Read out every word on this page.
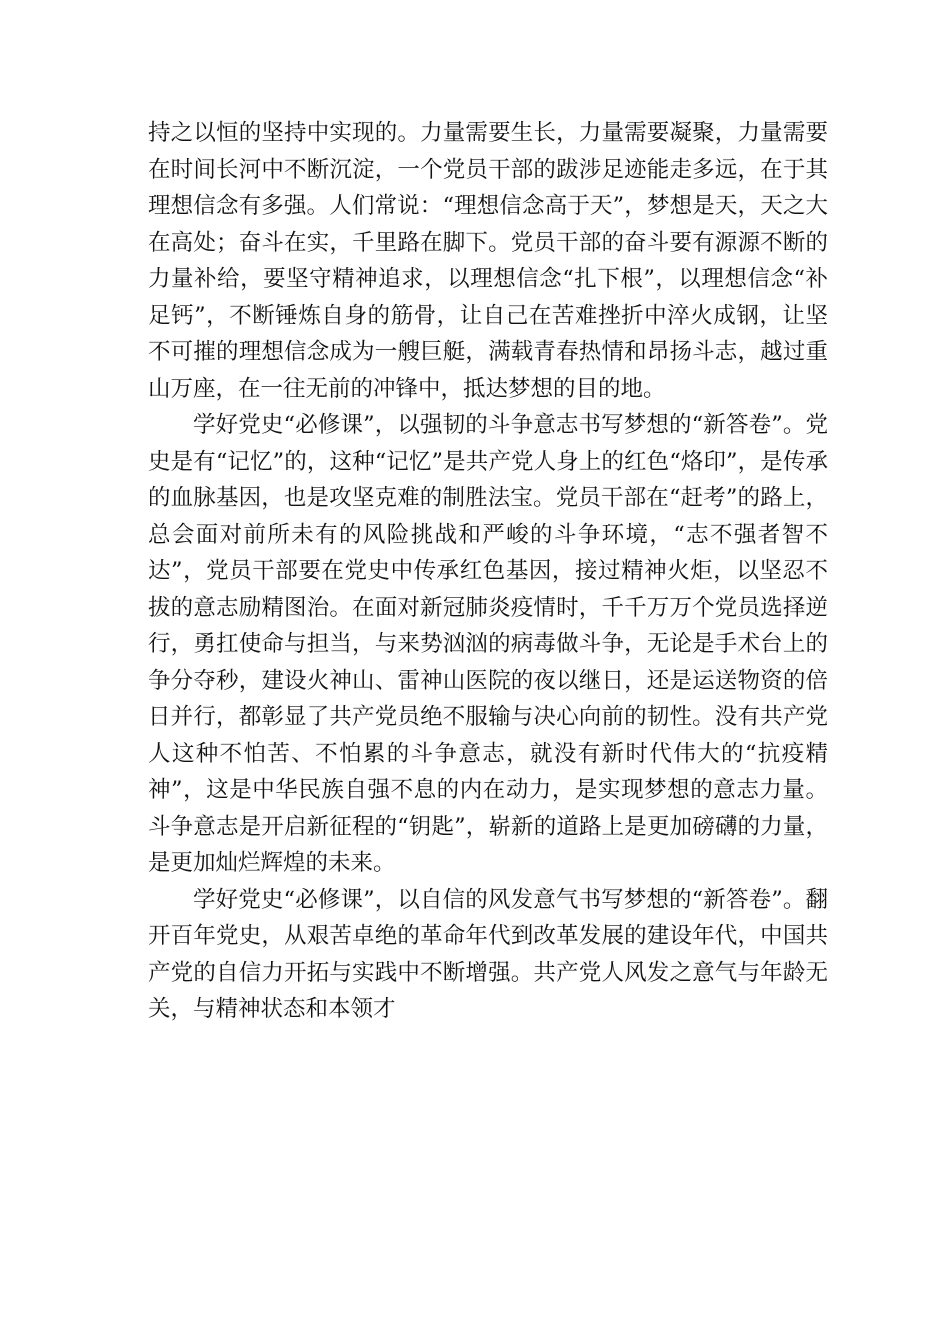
持之以恒的坚持中实现的。力量需要生长，力量需要凝聚，力量需要在时间长河中不断沉淀，一个党员干部的跋涉足迹能走多远，在于其理想信念有多强。人们常说：“理想信念高于天”，梦想是天，天之大在高处；奋斗在实，千里路在脚下。党员干部的奋斗要有源源不断的力量补给，要坚守精神追求，以理想信念“扎下根”，以理想信念“补足钙”，不断锤炼自身的筋骨，让自己在苦难挫折中淬火成钢，让坚不可摧的理想信念成为一艘巨艇，满载青春热情和昂扬斗志，越过重山万座，在一往无前的冲锋中，抵达梦想的目的地。

学好党史“必修课”，以强韧的斗争意志书写梦想的“新答卷”。党史是有“记忆”的，这种“记忆”是共产党人身上的红色“烙印”，是传承的血脉基因，也是攻坚克难的制胜法宝。党员干部在“赶考”的路上，总会面对前所未有的风险挑战和严峻的斗争环境，“志不强者智不达”，党员干部要在党史中传承红色基因，接过精神火炬，以坚忍不拔的意志励精图治。在面对新冠肺炎疫情时，千千万万个党员选择逆行，勇扛使命与担当，与来势汹汹的病毒做斗争，无论是手术台上的争分夺秒，建设火神山、雷神山医院的夜以继日，还是运送物资的倍日并行，都彰显了共产党员绝不服输与决心向前的韧性。没有共产党人这种不怕苦、不怕累的斗争意志，就没有新时代伟大的“抗疫精神”，这是中华民族自强不息的内在动力，是实现梦想的意志力量。斗争意志是开启新征程的“钥匙”，崭新的道路上是更加磅礴的力量，是更加灿烂辉煌的未来。

学好党史“必修课”，以自信的风发意气书写梦想的“新答卷”。翻开百年党史，从艰苦卓绝的革命年代到改革发展的建设年代，中国共产党的自信力开拓与实践中不断增强。共产党人风发之意气与年龄无关，与精神状态和本领才
